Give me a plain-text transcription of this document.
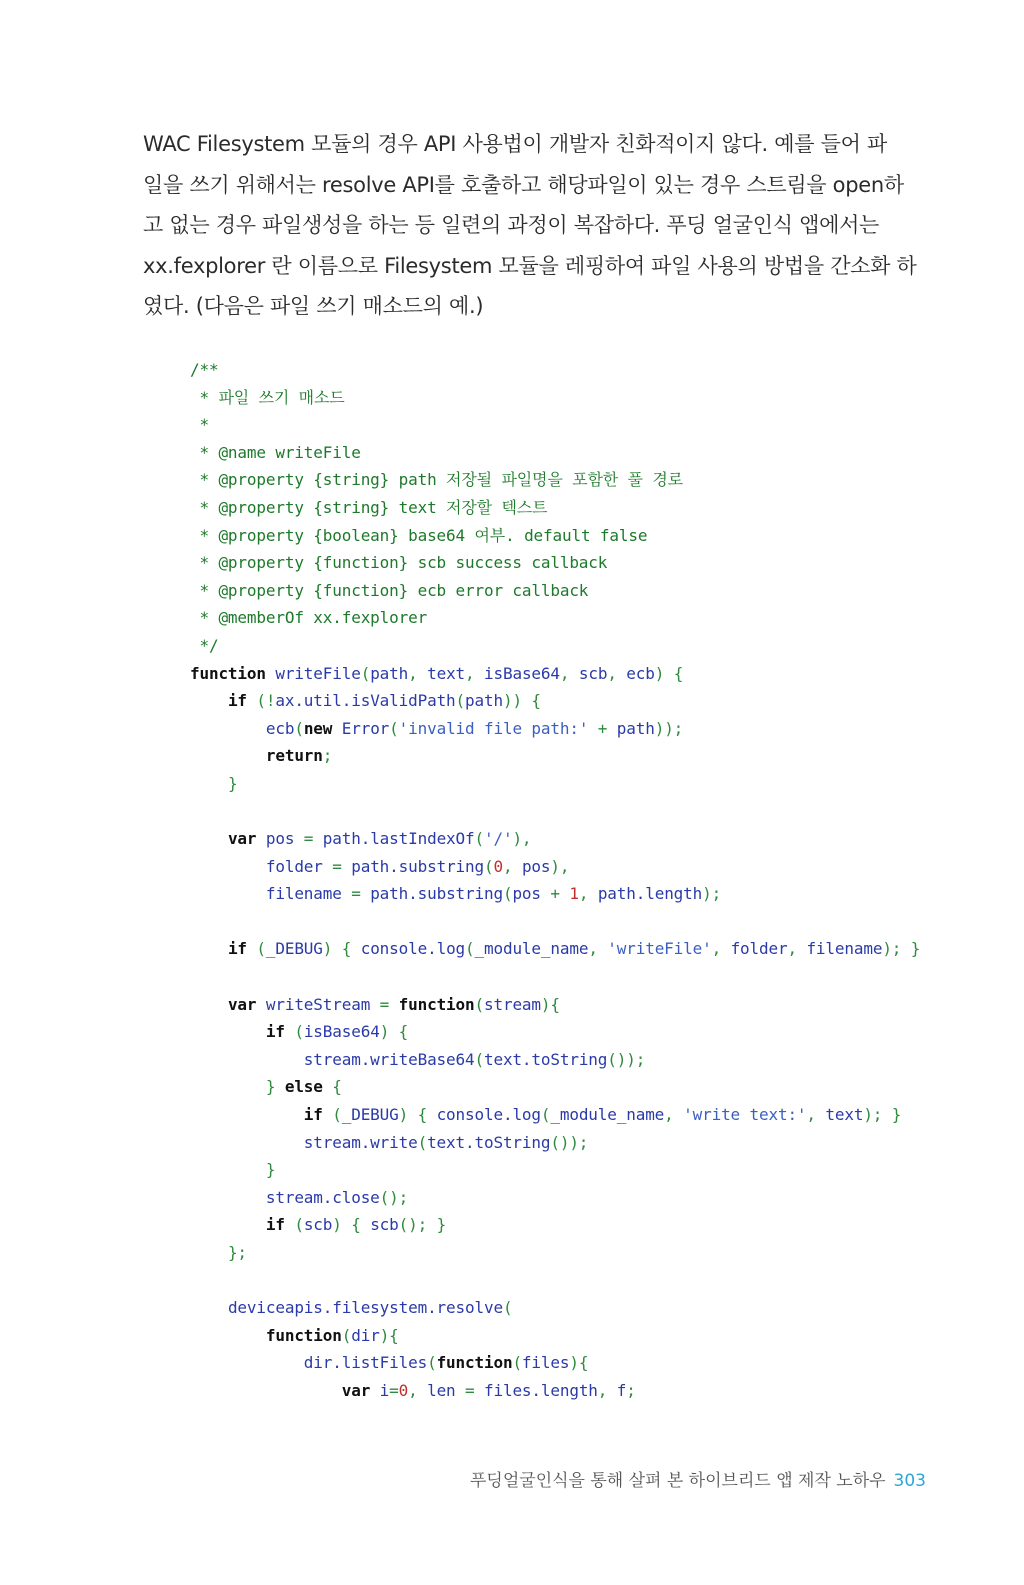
WAC Filesystem 모듈의 경우 API 사용법이 개발자 친화적이지 않다. 예를 들어 파
일을 쓰기 위해서는 resolve API를 호출하고 해당파일이 있는 경우 스트림을 open하
고 없는 경우 파일생성을 하는 등 일련의 과정이 복잡하다. 푸딩 얼굴인식 앱에서는
xx.fexplorer 란 이름으로 Filesystem 모듈을 레핑하여 파일 사용의 방법을 간소화 하
였다. (다음은 파일 쓰기 매소드의 예.)
/**
* 파일 쓰기 매소드
*
* @name writeFile
* @property {string} path 저장될 파일명을 포함한 풀 경로
* @property {string} text 저장할 텍스트
* @property {boolean} base64 여부. default false
* @property {function} scb success callback
* @property {function} ecb error callback
* @memberOf xx.fexplorer
*/
function writeFile(path, text, isBase64, scb, ecb) {
if (!ax.util.isValidPath(path)) {
ecb(new Error('invalid file path:' + path));
return;
}
var pos = path.lastIndexOf('/'),
folder = path.substring(0, pos),
filename = path.substring(pos + 1, path.length);
if (_DEBUG) { console.log(_module_name, 'writeFile', folder, filename); }
var writeStream = function(stream){
if (isBase64) {
stream.writeBase64(text.toString());
} else {
if (_DEBUG) { console.log(_module_name, 'write text:', text); }
stream.write(text.toString());
}
stream.close();
if (scb) { scb(); }
};
deviceapis.filesystem.resolve(
function(dir){
dir.listFiles(function(files){
var i=0, len = files.length, f;
푸딩얼굴인식을 통해 살펴 본 하이브리드 앱 제작 노하우 303
